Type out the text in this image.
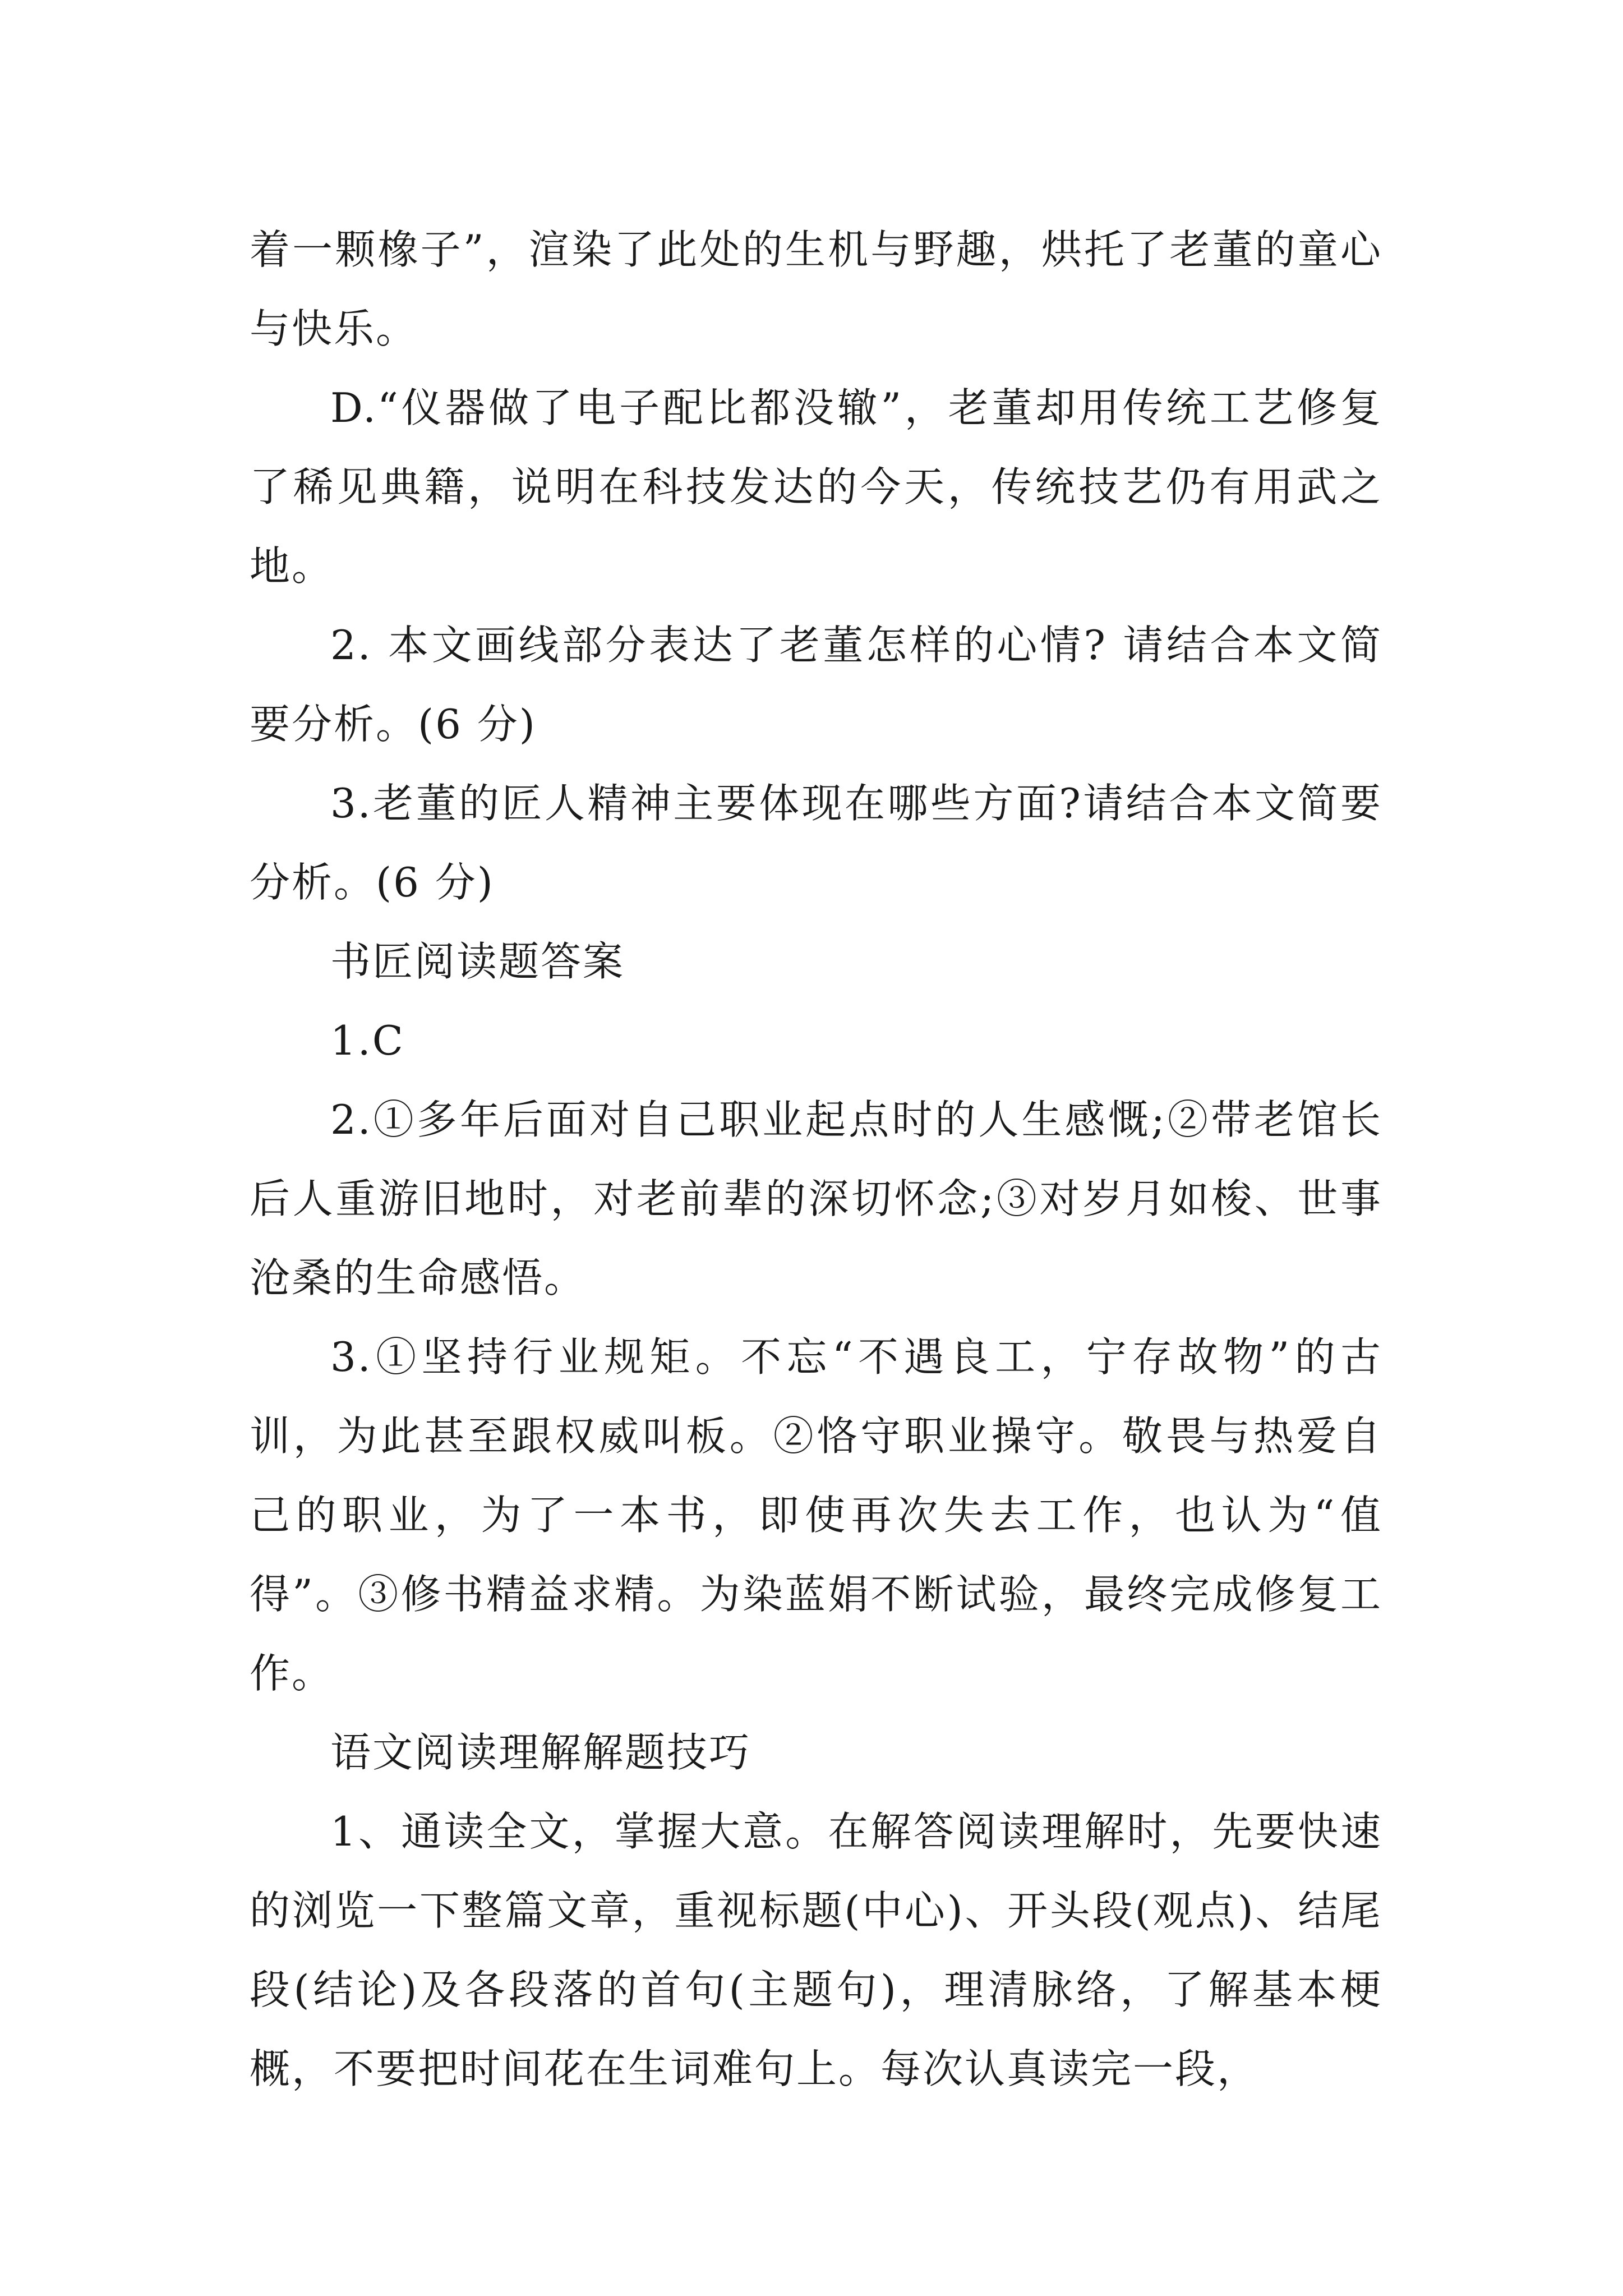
着一颗橡子”，渲染了此处的生机与野趣，烘托了老董的童心与快乐。

D.“仪器做了电子配比都没辙”，老董却用传统工艺修复了稀见典籍，说明在科技发达的今天，传统技艺仍有用武之地。

2. 本文画线部分表达了老董怎样的心情? 请结合本文简要分析。(6 分)

3.老董的匠人精神主要体现在哪些方面?请结合本文简要分析。(6 分)

书匠阅读题答案

1.C

2.①多年后面对自己职业起点时的人生感慨;②带老馆长后人重游旧地时，对老前辈的深切怀念;③对岁月如梭、世事沧桑的生命感悟。

3.①坚持行业规矩。不忘“不遇良工，宁存故物”的古训，为此甚至跟权威叫板。②恪守职业操守。敬畏与热爱自己的职业，为了一本书，即使再次失去工作，也认为“值得”。③修书精益求精。为染蓝娟不断试验，最终完成修复工作。

语文阅读理解解题技巧

1、通读全文，掌握大意。在解答阅读理解时，先要快速的浏览一下整篇文章，重视标题(中心)、开头段(观点)、结尾段(结论)及各段落的首句(主题句)，理清脉络，了解基本梗概，不要把时间花在生词难句上。每次认真读完一段，
